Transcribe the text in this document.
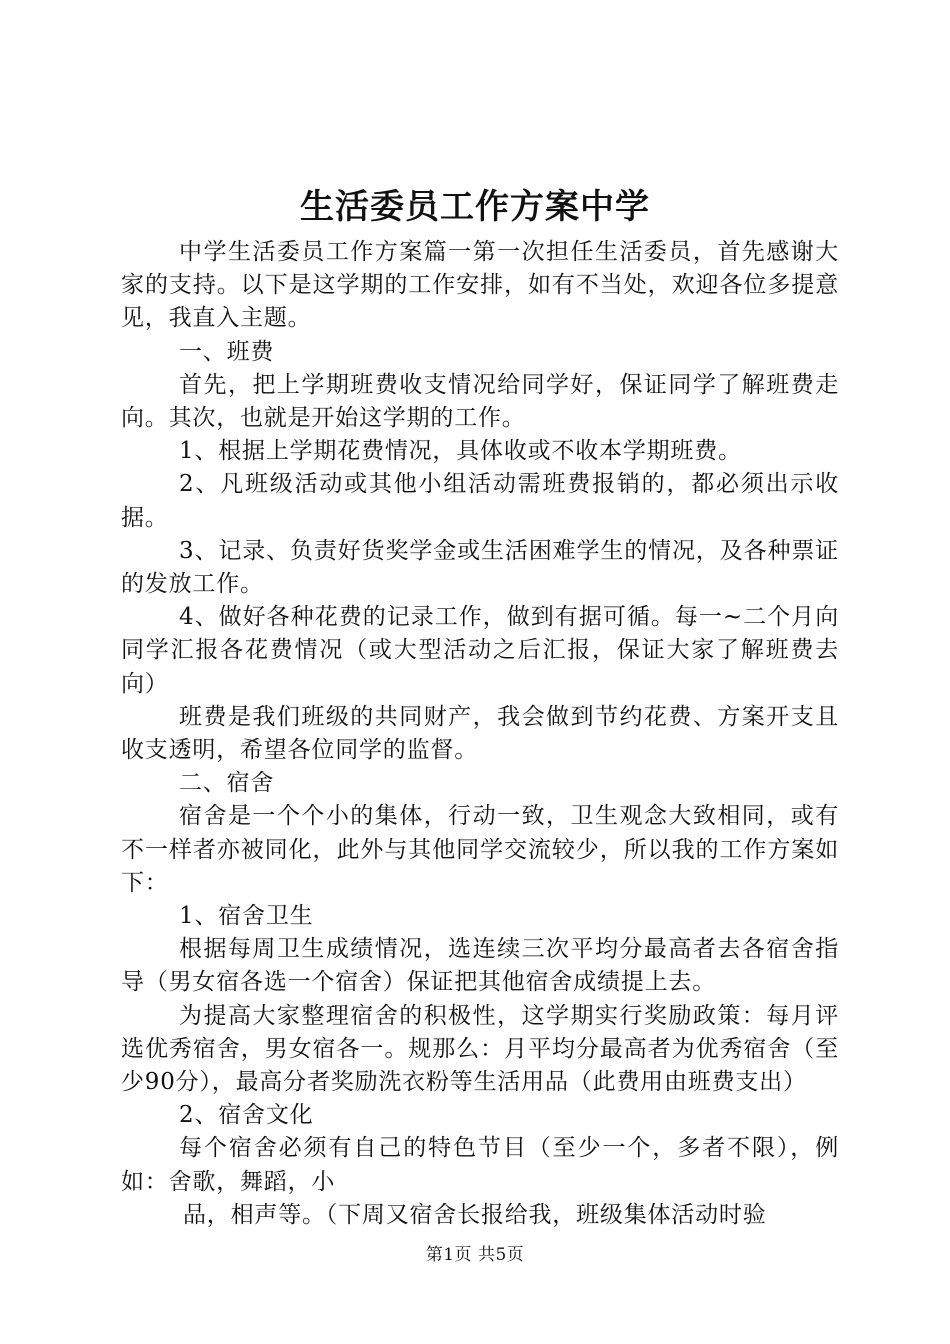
生活委员工作方案中学

中学生活委员工作方案篇一第一次担任生活委员，首先感谢大家的支持。以下是这学期的工作安排，如有不当处，欢迎各位多提意见，我直入主题。

一、班费

首先，把上学期班费收支情况给同学好，保证同学了解班费走向。其次，也就是开始这学期的工作。

1、根据上学期花费情况，具体收或不收本学期班费。

2、凡班级活动或其他小组活动需班费报销的，都必须出示收据。

3、记录、负责好货奖学金或生活困难学生的情况，及各种票证的发放工作。

4、做好各种花费的记录工作，做到有据可循。每一~二个月向同学汇报各花费情况（或大型活动之后汇报，保证大家了解班费去向）

班费是我们班级的共同财产，我会做到节约花费、方案开支且收支透明，希望各位同学的监督。

二、宿舍

宿舍是一个个小的集体，行动一致，卫生观念大致相同，或有不一样者亦被同化，此外与其他同学交流较少，所以我的工作方案如下：

1、宿舍卫生

根据每周卫生成绩情况，选连续三次平均分最高者去各宿舍指导（男女宿各选一个宿舍）保证把其他宿舍成绩提上去。

为提高大家整理宿舍的积极性，这学期实行奖励政策：每月评选优秀宿舍，男女宿各一。规那么：月平均分最高者为优秀宿舍（至少90分），最高分者奖励洗衣粉等生活用品（此费用由班费支出）

2、宿舍文化

每个宿舍必须有自己的特色节目（至少一个，多者不限），例如：舍歌，舞蹈，小

品，相声等。（下周又宿舍长报给我，班级集体活动时验

第1页 共5页
